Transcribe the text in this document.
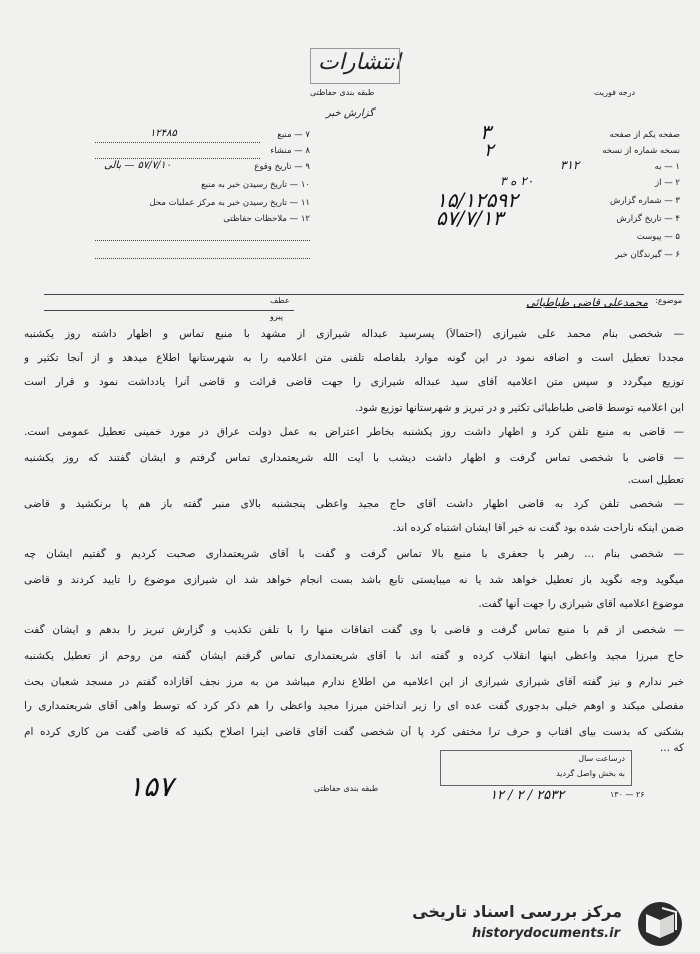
انتشارات
طبقه بندی حفاظتی	درجه فوریت
گزارش خبر
صفحه یکم از صفحه
۳
نسخه شماره از نسخه
۲
۱ — به
۳۱۲
۲ — از
۲۰ ه ۳
۳ — شماره گزارش
۱۵/۱۲۵۹۲
۴ — تاریخ گزارش
۵۷/۷/۱۳
۵ — پیوست
۶ — گيرندگان خبر
۷ — منبع
۱۲۴۸۵
۸ — منشاء
۹ — تاریخ وقوع
۵۷/۷/۱۰ — بالی
۱۰ — تاریخ رسیدن خبر به منبع
۱۱ — تاریخ رسیدن خبر به مرکز عملیات محل
۱۲ — ملاحظات حفاظتی

موضوع:
محمدعلی قاضی طباطبائی
عطف
پیرو
— شخصی بنام محمد علی شیرازی (احتمالاً) پسرسید عبداله شیرازی از مشهد با منبع تماس و اظهار داشته روز یکشنبه
مجدداً تعطیل است و اضافه نمود در این گونه موارد بلفاصله تلفنی متن اعلامیه را به شهرستانها اطلاع میدهد و از آنجا تکثیر و
توزیع میگردد و سپس متن اعلامیه آقای سید عبداله شیرازی را جهت قاضی قرائت و قاضی آنرا یادداشت نمود و قرار است
این اعلامیه توسط قاضی طباطبائی تکثیر و در تبریز و شهرستانها توزیع شود.
— قاضی به منبع تلفن کرد و اظهار داشت روز یکشنبه بخاطر اعتراض به عمل دولت عراق در مورد خمینی تعطیل عمومی است.
— قاضی با شخصی تماس گرفت و اظهار داشت دیشب با آیت الله شریعتمداری تماس گرفتم و ایشان گفتند که روز یکشنبه
تعطیل است.
— شخصی تلفن کرد به قاضی اظهار داشت آقای حاج مجید واعظی پنجشنبه بالای منبر گفته باز هم پا برنکشید و قاضی
ضمن اینکه ناراحت شده بود گفت نه خیر آقا ایشان اشتباه کرده اند.
— شخصی بنام ... رهبر یا جعفری با منبع بالا تماس گرفت و گفت با آقای شریعتمداری صحبت کردیم و گفتیم ایشان چه
میگوید وجه نگوید باز تعطیل خواهد شد یا نه میبایستی تابع باشد بست انجام خواهد شد ان شیرازی موضوع را تایید کردند و قاضی
موضوع اعلامیه آقای شیرازی را جهت آنها گفت.
— شخصی از قم با منبع تماس گرفت و قاضی با وی گفت اتفاقات منها را با تلفن تکذیب و گزارش تبریز را بدهم و ایشان گفت
حاج میرزا مجید واعظی اینها انقلاب کرده و گفته اند با آقای شریعتمداری تماس گرفتم ایشان گفته من روحم از تعطیل یکشنبه
خبر ندارم و نیز گفته آقای شیرازی شیرازی از این اعلامیه من اطلاع ندارم میباشد من به مرز نجف آقازاده گفتم در مسجد شعبان بحث
مفصلی میکند و اوهم خیلی بدجوری گفت عده ای را زیر انداختن میرزا مجید واعظی را هم ذکر کرد که توسط واهی آقای شریعتمداری را
بشکنی که بدست بیای افتاب و حرف ترا مختفی کرد پا آن شخصی گفت آقای قاضی اینرا اصلاح بکنید که قاضی گفت من کاری کرده ام
که ...
درساعت سال
به بخش واصل گردید
۲۵۳۲ / ۲ / ۱۲	۱۳۰ — ۲۶
طبقه بندی حفاظتی
۱۵۷
مرکز بررسی اسناد تاریخی
historydocuments.ir
